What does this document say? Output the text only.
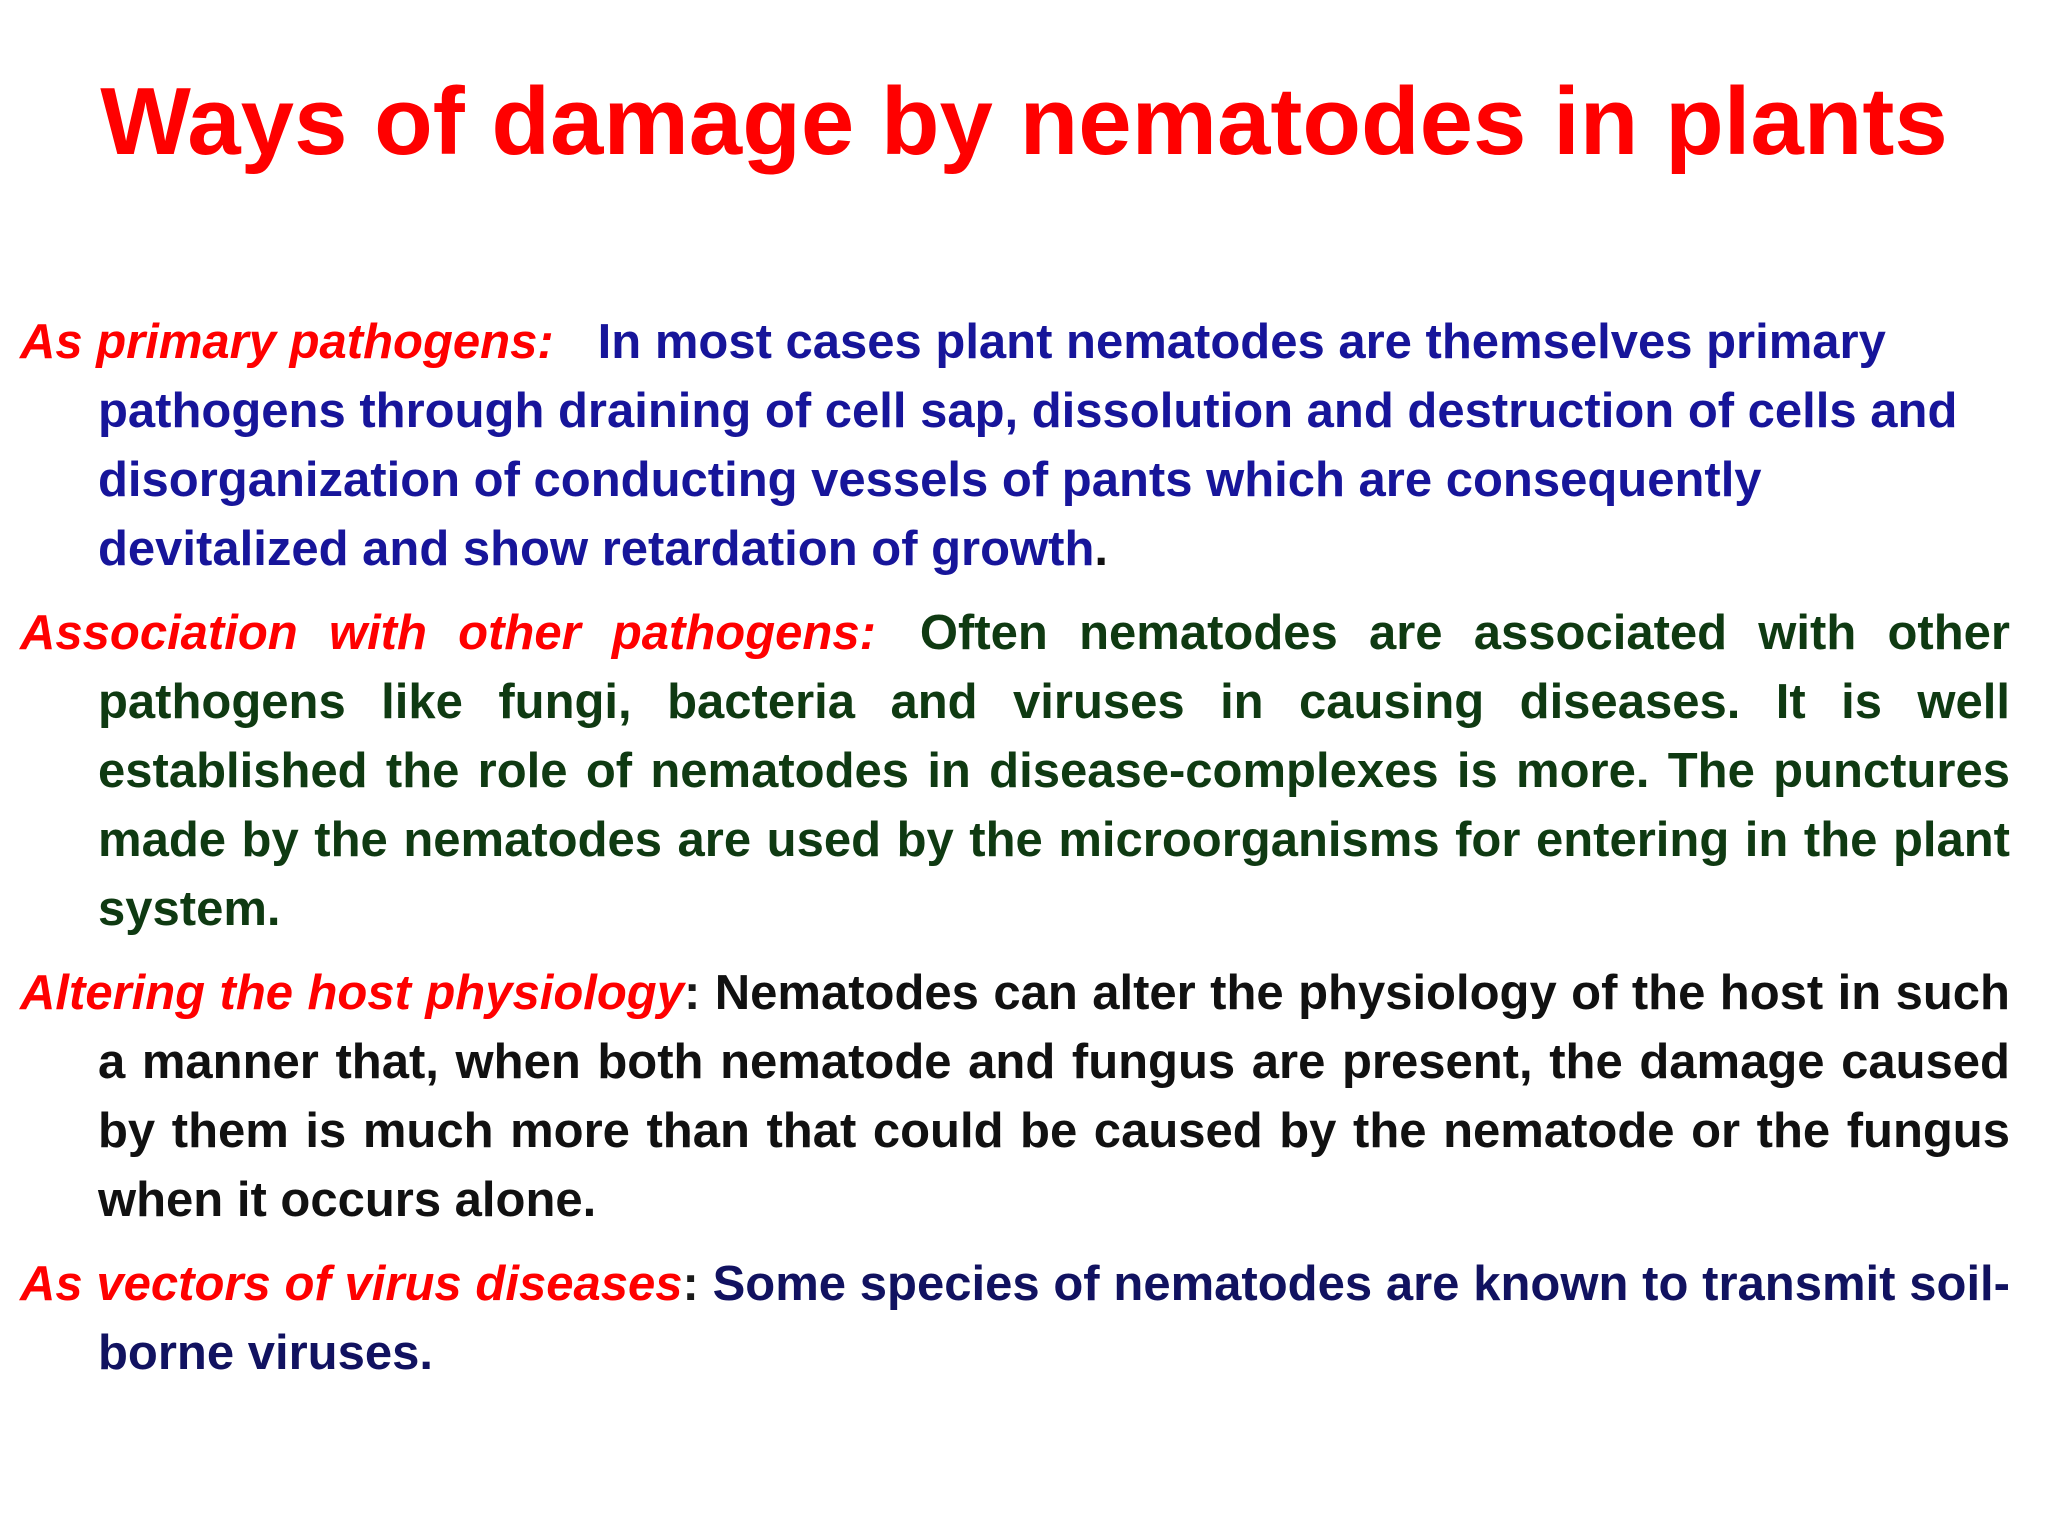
Ways of damage by nematodes in plants

As primary pathogens: In most cases plant nematodes are themselves primary pathogens through draining of cell sap, dissolution and destruction of cells and disorganization of conducting vessels of pants which are consequently devitalized and show retardation of growth.

Association with other pathogens: Often nematodes are associated with other pathogens like fungi, bacteria and viruses in causing diseases. It is well established the role of nematodes in disease-complexes is more. The punctures made by the nematodes are used by the microorganisms for entering in the plant system.

Altering the host physiology: Nematodes can alter the physiology of the host in such a manner that, when both nematode and fungus are present, the damage caused by them is much more than that could be caused by the nematode or the fungus when it occurs alone.

As vectors of virus diseases: Some species of nematodes are known to transmit soil-borne viruses.
